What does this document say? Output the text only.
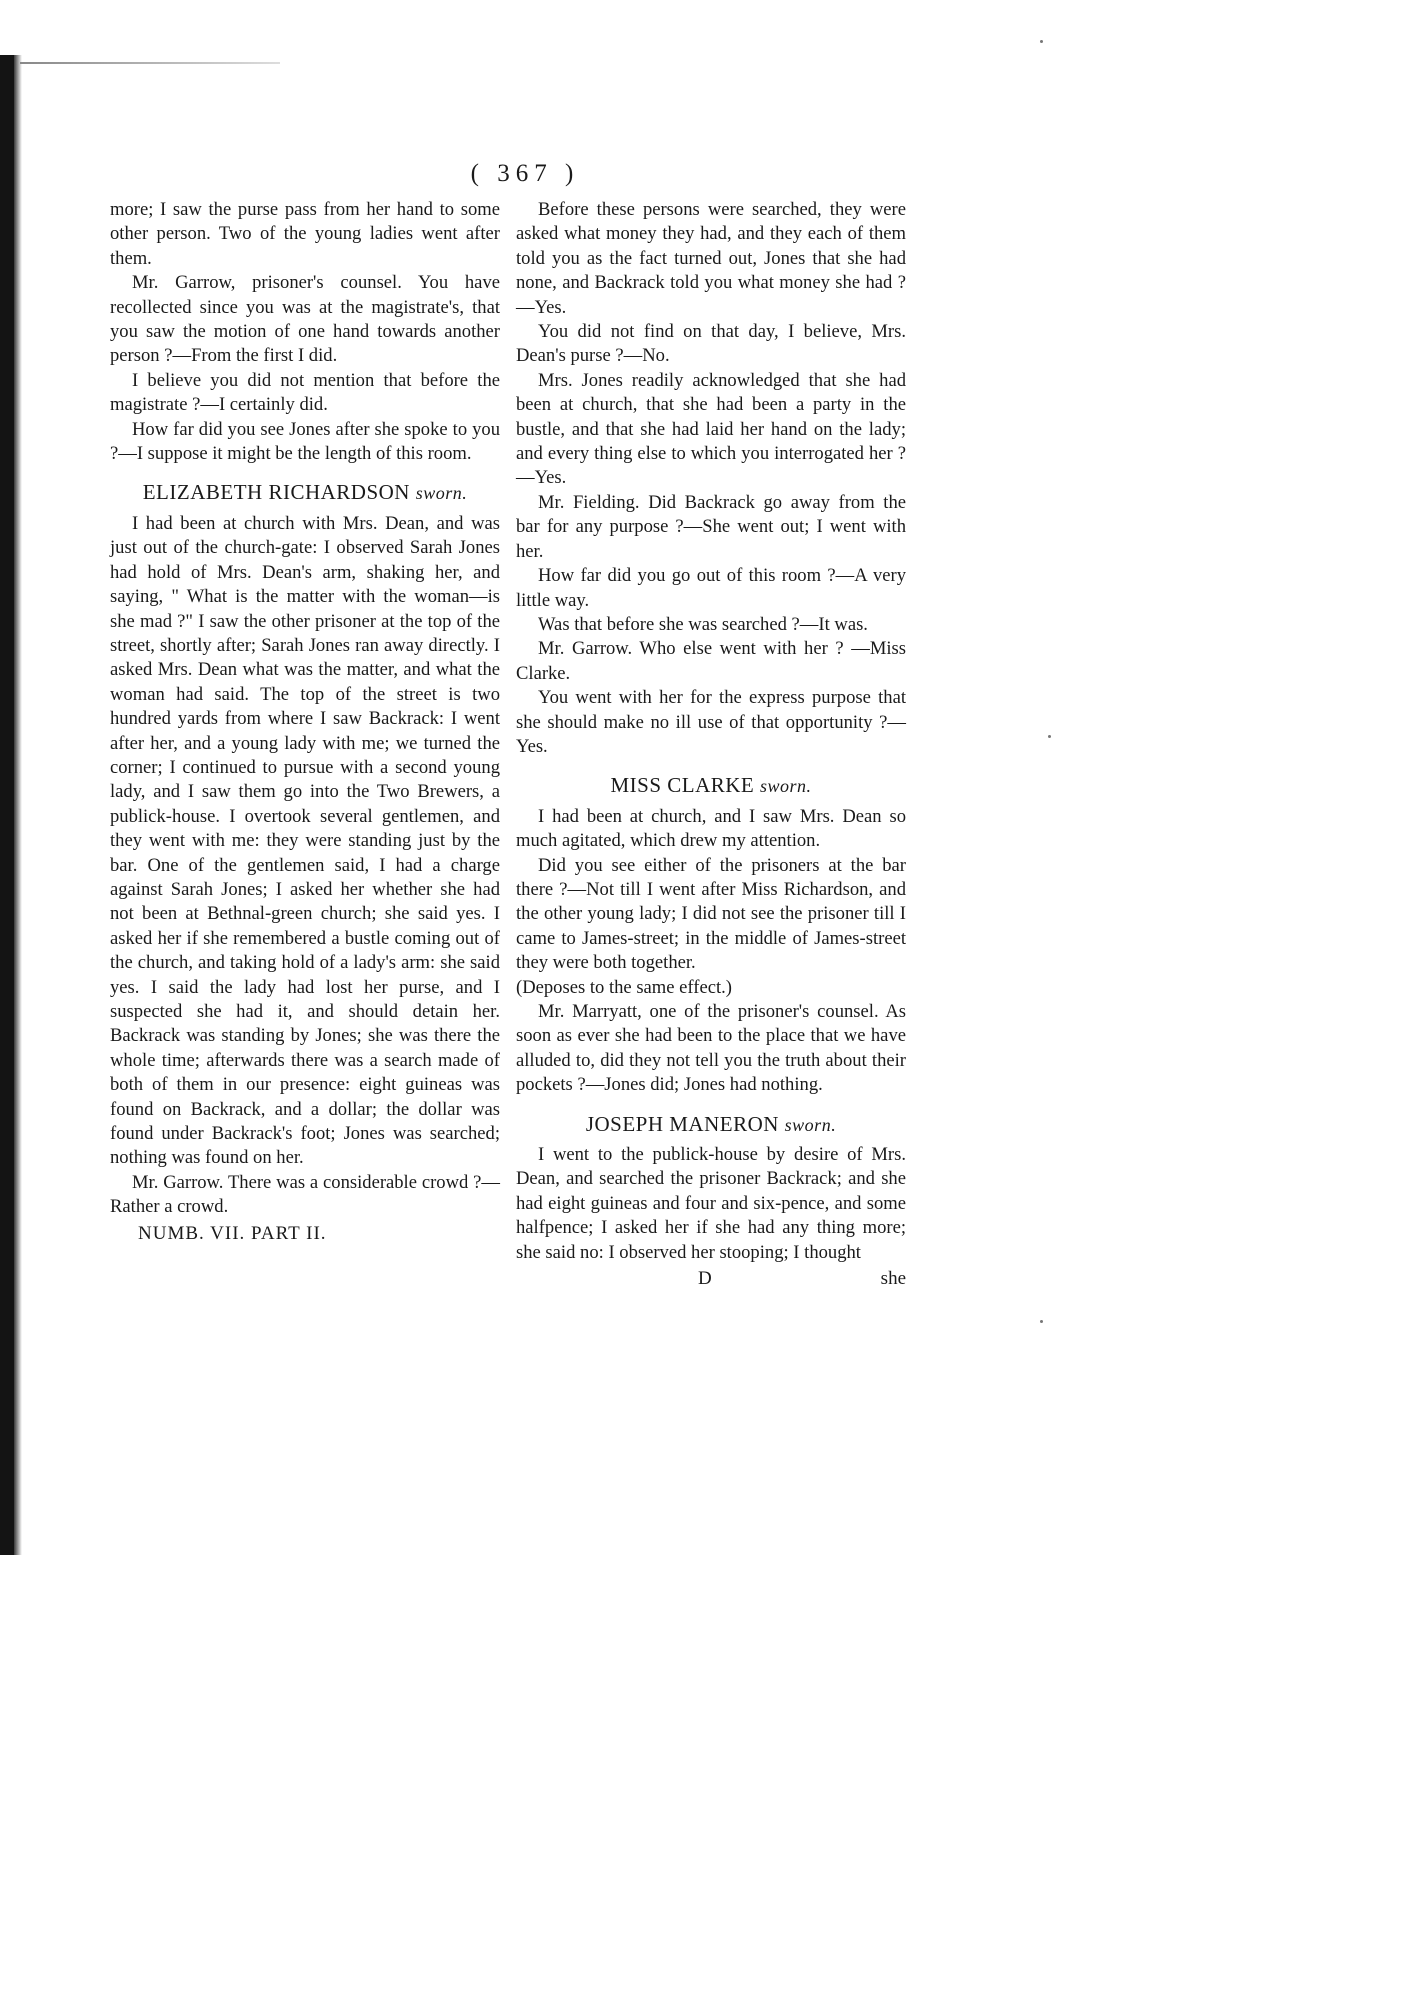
( 367 )

more; I saw the purse pass from her hand to some other person. Two of the young ladies went after them.

Mr. Garrow, prisoner's counsel. You have recollected since you was at the magistrate's, that you saw the motion of one hand towards another person ?—From the first I did.

I believe you did not mention that before the magistrate ?—I certainly did.

How far did you see Jones after she spoke to you ?—I suppose it might be the length of this room.

ELIZABETH RICHARDSON sworn.

I had been at church with Mrs. Dean, and was just out of the church-gate: I observed Sarah Jones had hold of Mrs. Dean's arm, shaking her, and saying, " What is the matter with the woman—is she mad ?" I saw the other prisoner at the top of the street, shortly after; Sarah Jones ran away directly. I asked Mrs. Dean what was the matter, and what the woman had said. The top of the street is two hundred yards from where I saw Backrack: I went after her, and a young lady with me; we turned the corner; I continued to pursue with a second young lady, and I saw them go into the Two Brewers, a publick-house. I overtook several gentlemen, and they went with me: they were standing just by the bar. One of the gentlemen said, I had a charge against Sarah Jones; I asked her whether she had not been at Bethnal-green church; she said yes. I asked her if she remembered a bustle coming out of the church, and taking hold of a lady's arm: she said yes. I said the lady had lost her purse, and I suspected she had it, and should detain her. Backrack was standing by Jones; she was there the whole time; afterwards there was a search made of both of them in our presence: eight guineas was found on Backrack, and a dollar; the dollar was found under Backrack's foot; Jones was searched; nothing was found on her.

Mr. Garrow. There was a considerable crowd ?—Rather a crowd.

NUMB. VII. PART II.

Before these persons were searched, they were asked what money they had, and they each of them told you as the fact turned out, Jones that she had none, and Backrack told you what money she had ?—Yes.

You did not find on that day, I believe, Mrs. Dean's purse ?—No.

Mrs. Jones readily acknowledged that she had been at church, that she had been a party in the bustle, and that she had laid her hand on the lady; and every thing else to which you interrogated her ?—Yes.

Mr. Fielding. Did Backrack go away from the bar for any purpose ?—She went out; I went with her.

How far did you go out of this room ?—A very little way.

Was that before she was searched ?—It was.

Mr. Garrow. Who else went with her ? —Miss Clarke.

You went with her for the express purpose that she should make no ill use of that opportunity ?—Yes.

MISS CLARKE sworn.

I had been at church, and I saw Mrs. Dean so much agitated, which drew my attention.

Did you see either of the prisoners at the bar there ?—Not till I went after Miss Richardson, and the other young lady; I did not see the prisoner till I came to James-street; in the middle of James-street they were both together.

(Deposes to the same effect.)

Mr. Marryatt, one of the prisoner's counsel. As soon as ever she had been to the place that we have alluded to, did they not tell you the truth about their pockets ?—Jones did; Jones had nothing.

JOSEPH MANERON sworn.

I went to the publick-house by desire of Mrs. Dean, and searched the prisoner Backrack; and she had eight guineas and four and six-pence, and some halfpence; I asked her if she had any thing more; she said no: I observed her stooping; I thought

D	she
